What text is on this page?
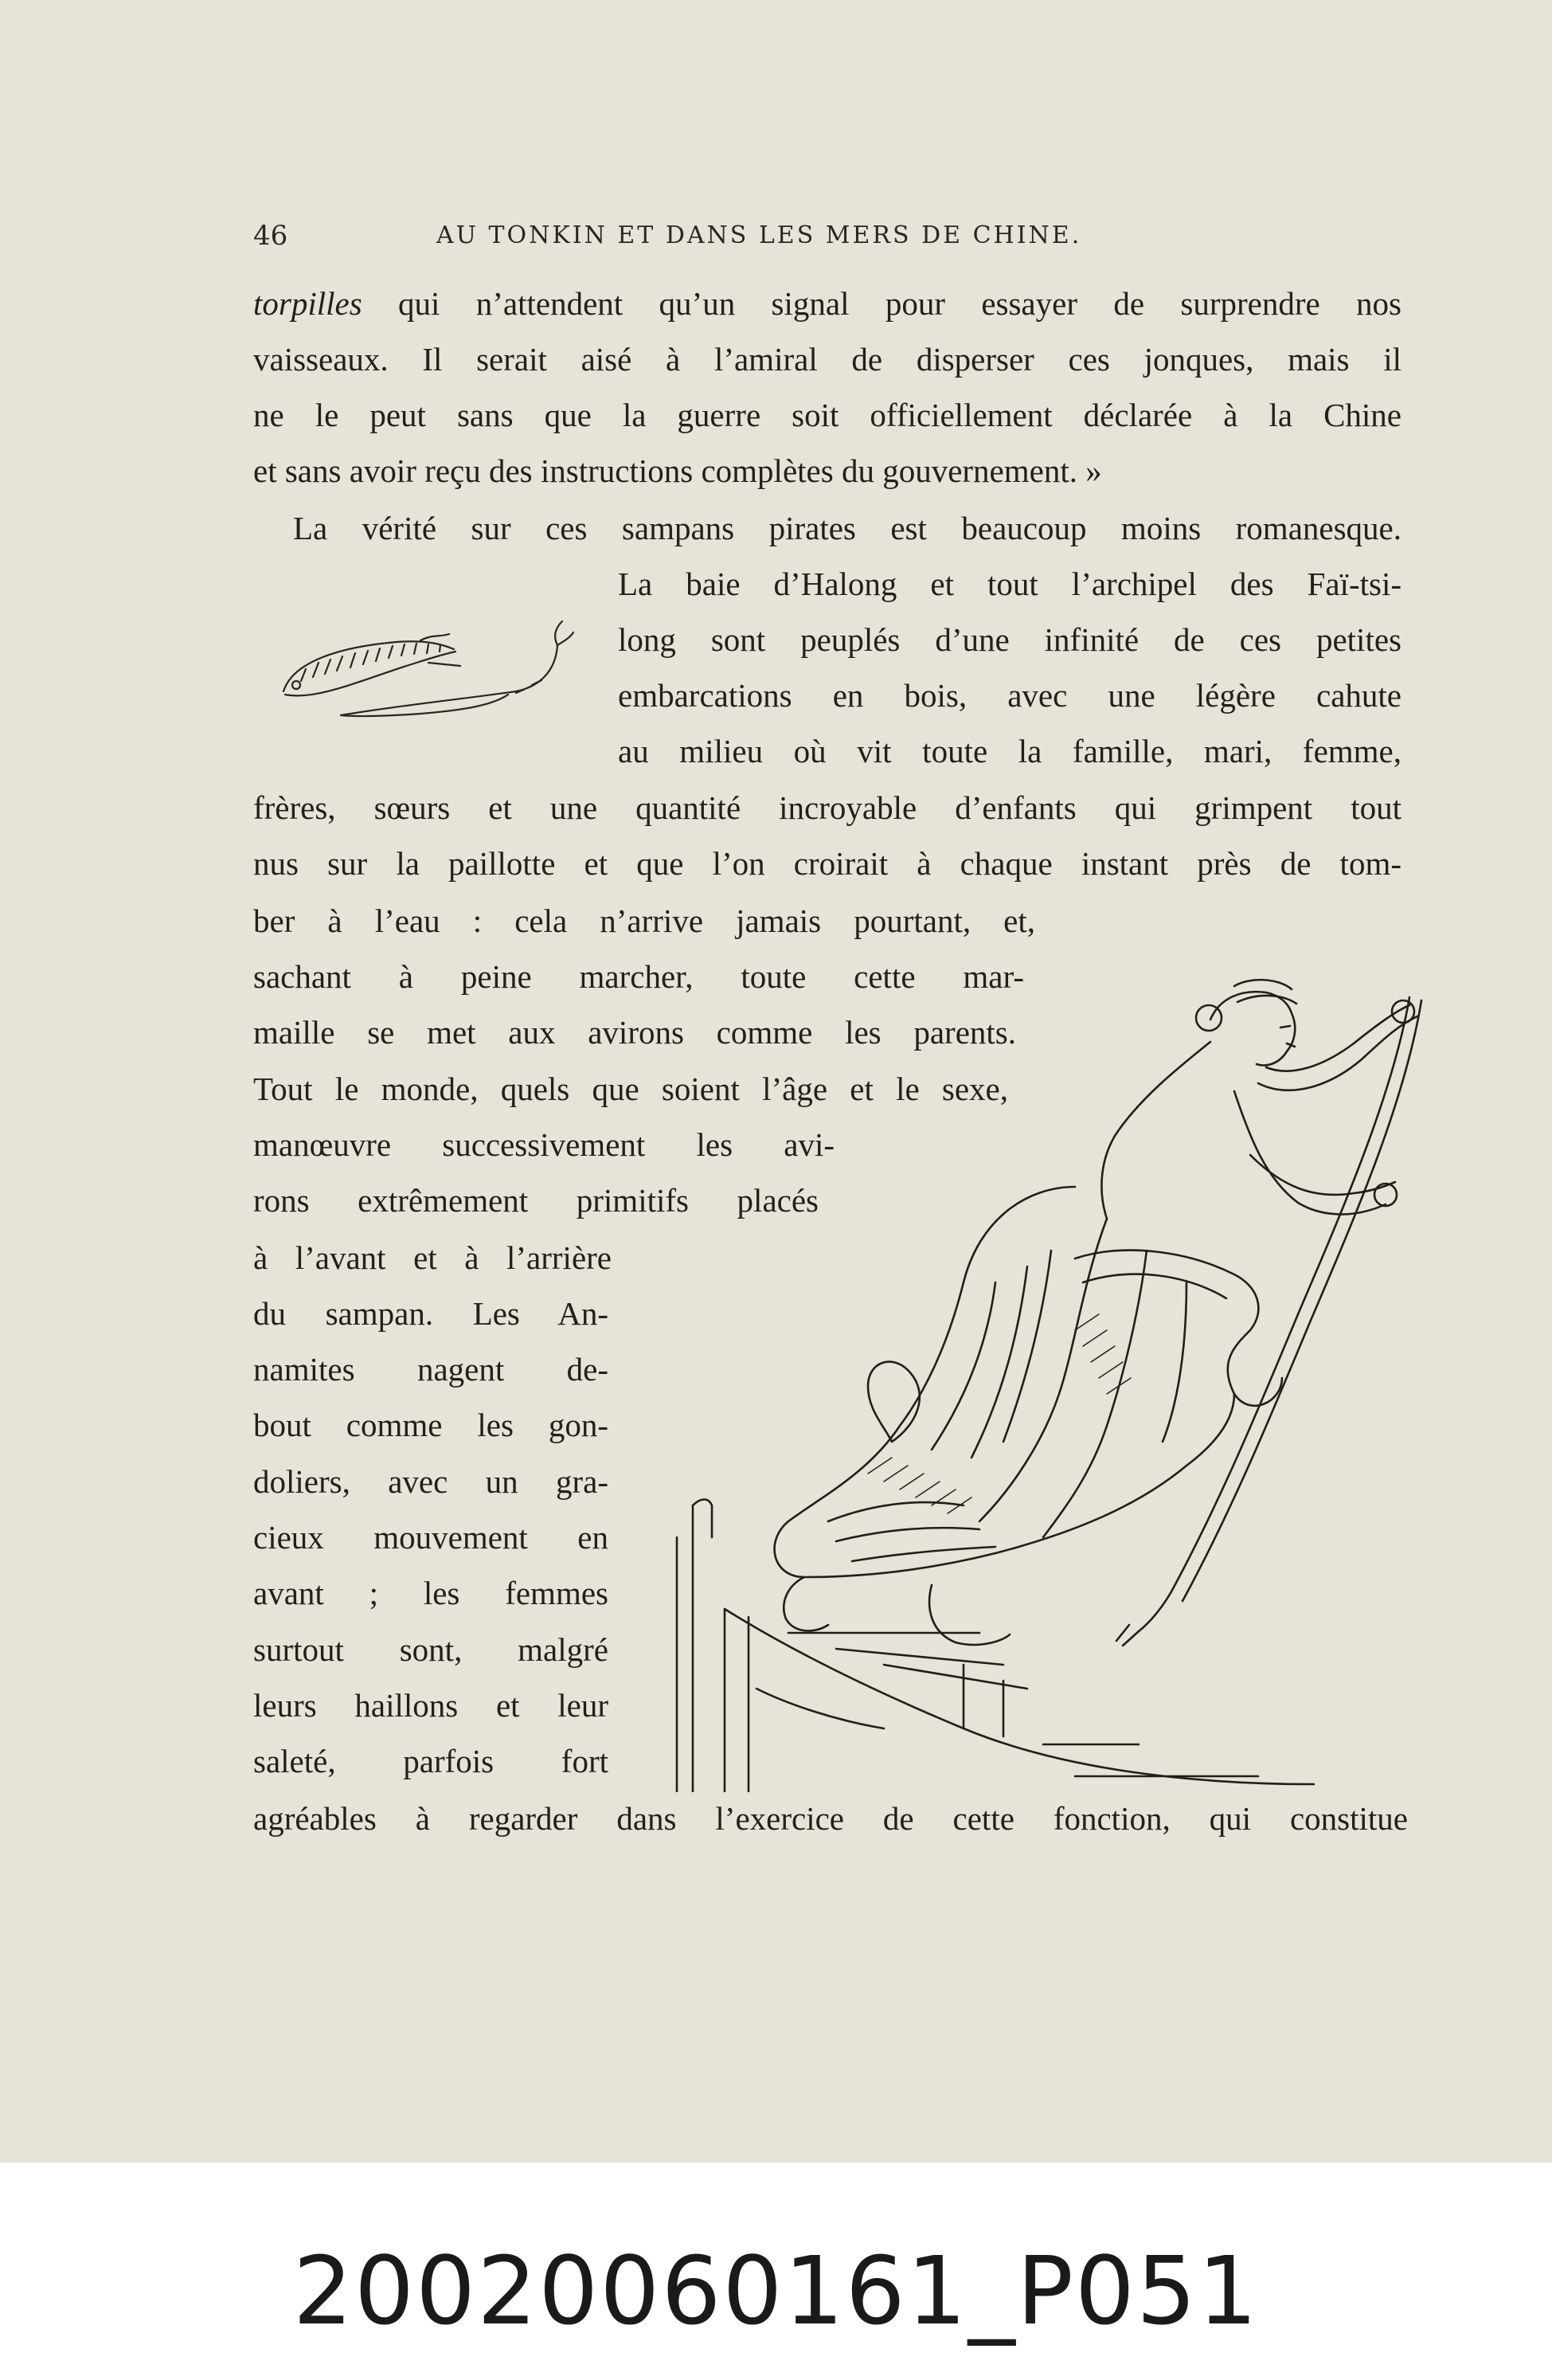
46	AU TONKIN ET DANS LES MERS DE CHINE.
torpilles qui n’attendent qu’un signal pour essayer de surprendre nos
vaisseaux. Il serait aisé à l’amiral de disperser ces jonques, mais il
ne le peut sans que la guerre soit officiellement déclarée à la Chine
et sans avoir reçu des instructions complètes du gouvernement. »
La vérité sur ces sampans pirates est beaucoup moins romanesque.
La baie d’Halong et tout l’archipel des Faï-tsi-
long sont peuplés d’une infinité de ces petites
embarcations en bois, avec une légère cahute
au milieu où vit toute la famille, mari, femme,
frères, sœurs et une quantité incroyable d’enfants qui grimpent tout
nus sur la paillotte et que l’on croirait à chaque instant près de tom-
ber à l’eau : cela n’arrive jamais pourtant, et,
sachant à peine marcher, toute cette mar-
maille se met aux avirons comme les parents.
Tout le monde, quels que soient l’âge et le sexe,
manœuvre successivement les avi-
rons extrêmement primitifs placés
à l’avant et à l’arrière
du sampan. Les An-
namites nagent de-
bout comme les gon-
doliers, avec un gra-
cieux mouvement en
avant ; les femmes
surtout sont, malgré
leurs haillons et leur
saleté, parfois fort
agréables à regarder dans l’exercice de cette fonction, qui constitue
20020060161_P051
